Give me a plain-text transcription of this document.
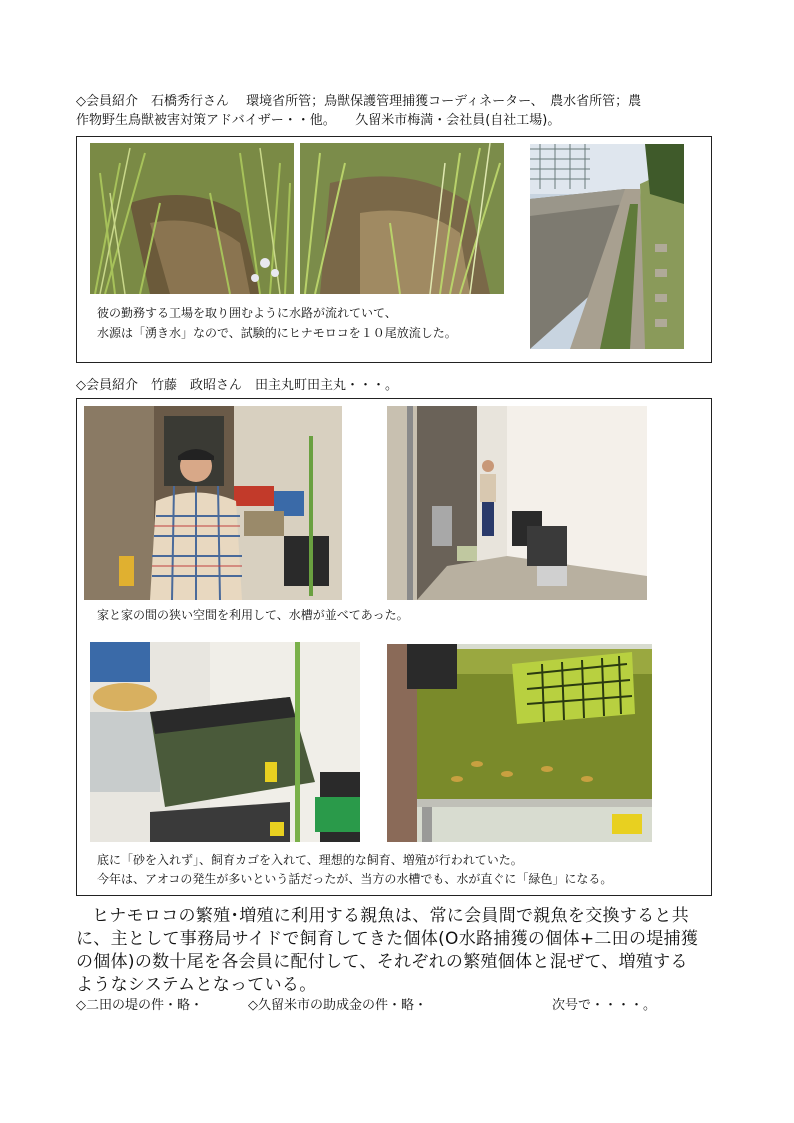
◇会員紹介　石橋秀行さん　 環境省所管；鳥獣保護管理捕獲コーディネーター、　農水省所管；農
作物野生鳥獣被害対策アドバイザー・・他。　　久留米市梅満・会社員(自社工場)。
彼の勤務する工場を取り囲むように水路が流れていて、
水源は「湧き水」なので、試験的にヒナモロコを１０尾放流した。
◇会員紹介　竹藤　政昭さん　田主丸町田主丸・・・。
家と家の間の狭い空間を利用して、水槽が並べてあった。
底に「砂を入れず」、飼育カゴを入れて、理想的な飼育、増殖が行われていた。
今年は、アオコの発生が多いという話だったが、当方の水槽でも、水が直ぐに「緑色」になる。
ヒナモロコの繁殖･増殖に利用する親魚は、常に会員間で親魚を交換すると共
に、主として事務局サイドで飼育してきた個体(O水路捕獲の個体+二田の堤捕獲
の個体)の数十尾を各会員に配付して、それぞれの繁殖個体と混ぜて、増殖する
ようなシステムとなっている。
◇二田の堤の件・略・	◇久留米市の助成金の件・略・	次号で・・・・。
